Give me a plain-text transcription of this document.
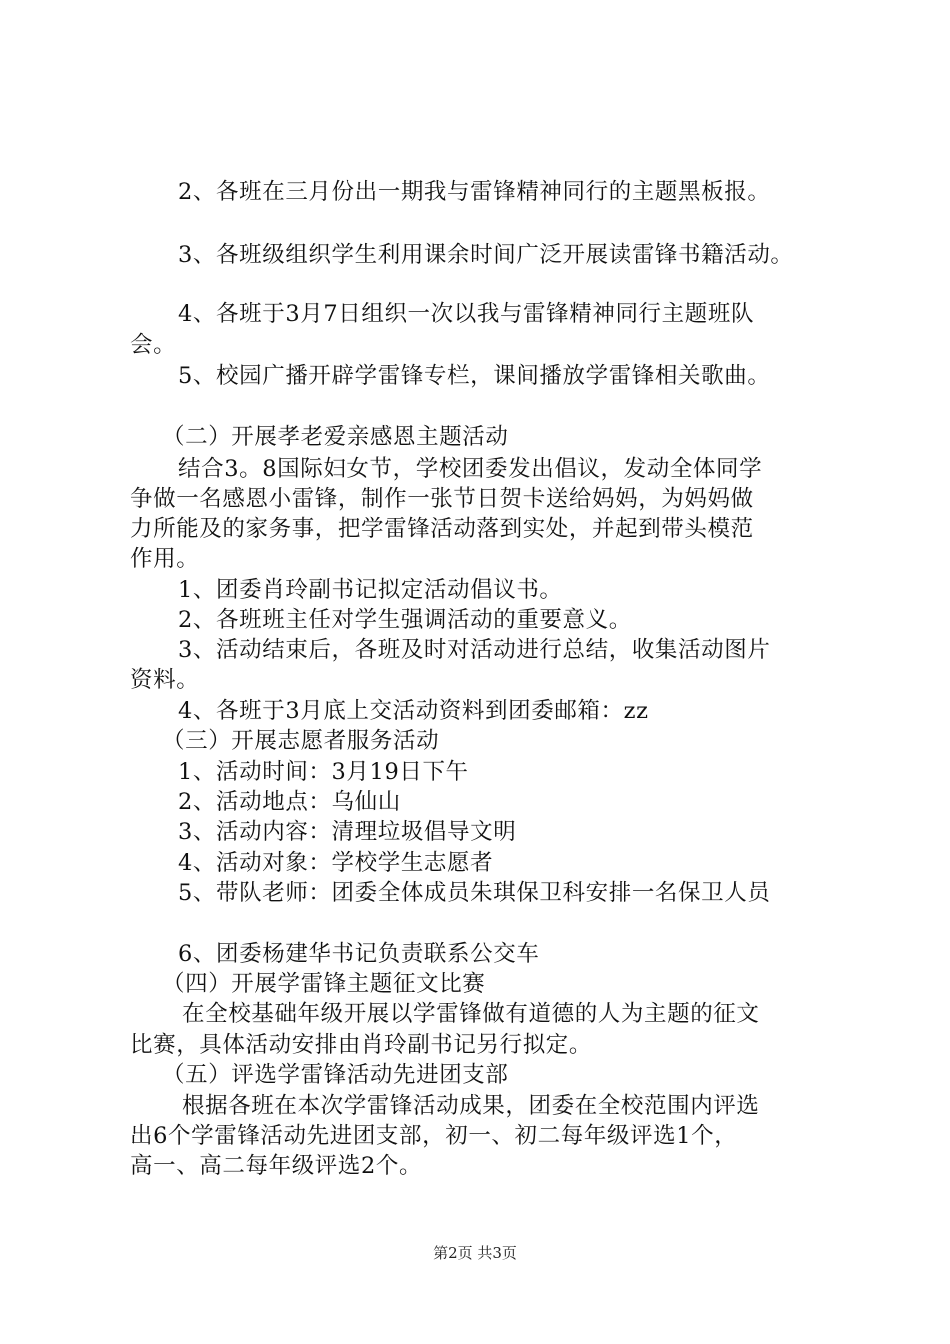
2、各班在三月份出一期我与雷锋精神同行的主题黑板报。
3、各班级组织学生利用课余时间广泛开展读雷锋书籍活动。
4、各班于3月7日组织一次以我与雷锋精神同行主题班队
会。
5、校园广播开辟学雷锋专栏，课间播放学雷锋相关歌曲。
（二）开展孝老爱亲感恩主题活动
结合3。8国际妇女节，学校团委发出倡议，发动全体同学
争做一名感恩小雷锋，制作一张节日贺卡送给妈妈，为妈妈做
力所能及的家务事，把学雷锋活动落到实处，并起到带头模范
作用。
1、团委肖玲副书记拟定活动倡议书。
2、各班班主任对学生强调活动的重要意义。
3、活动结束后，各班及时对活动进行总结，收集活动图片
资料。
4、各班于3月底上交活动资料到团委邮箱：zz
（三）开展志愿者服务活动
1、活动时间：3月19日下午
2、活动地点：乌仙山
3、活动内容：清理垃圾倡导文明
4、活动对象：学校学生志愿者
5、带队老师：团委全体成员朱琪保卫科安排一名保卫人员
6、团委杨建华书记负责联系公交车
（四）开展学雷锋主题征文比赛
在全校基础年级开展以学雷锋做有道德的人为主题的征文
比赛，具体活动安排由肖玲副书记另行拟定。
（五）评选学雷锋活动先进团支部
根据各班在本次学雷锋活动成果，团委在全校范围内评选
出6个学雷锋活动先进团支部，初一、初二每年级评选1个，
高一、高二每年级评选2个。
第2页 共3页
